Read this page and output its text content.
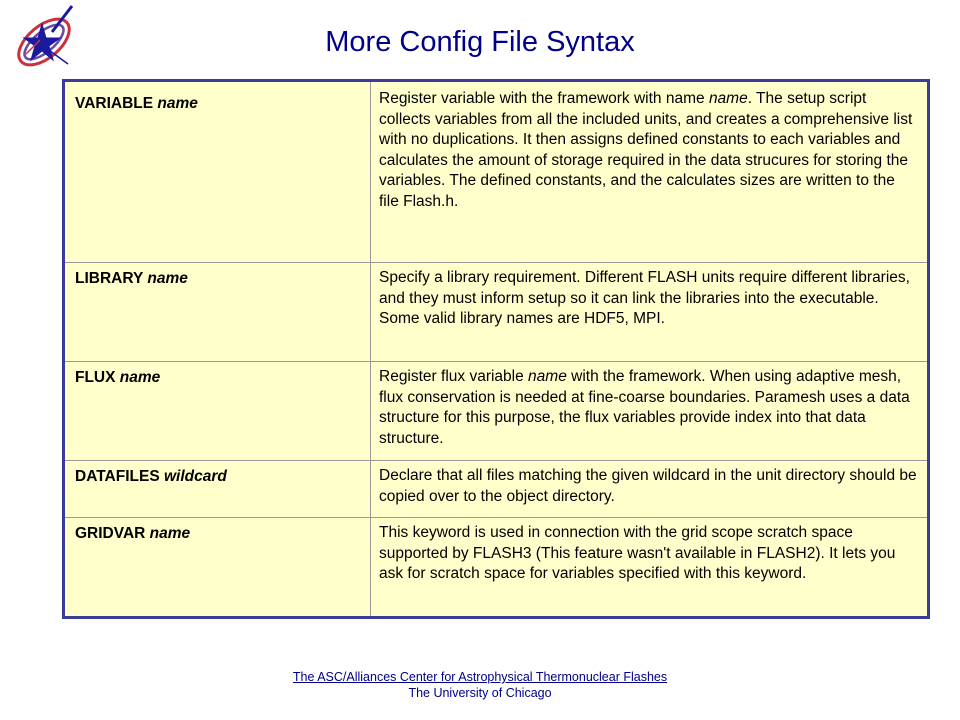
More Config File Syntax
VARIABLE name	Register variable with the framework with name name. The setup script collects variables from all the included units, and creates a comprehensive list with no duplications. It then assigns defined constants to each variables and calculates the amount of storage required in the data strucures for storing the variables. The defined constants, and the calculates sizes are written to the file Flash.h.
LIBRARY name	Specify a library requirement. Different FLASH units require different libraries, and they must inform setup so it can link the libraries into the executable. Some valid library names are HDF5, MPI.
FLUX name	Register flux variable name with the framework. When using adaptive mesh, flux conservation is needed at fine-coarse boundaries. Paramesh uses a data structure for this purpose, the flux variables provide index into that data structure.
DATAFILES wildcard	Declare that all files matching the given wildcard in the unit directory should be copied over to the object directory.
GRIDVAR name	This keyword is used in connection with the grid scope scratch space supported by FLASH3 (This feature wasn't available in FLASH2). It lets you ask for scratch space for variables specified with this keyword.
The ASC/Alliances Center for Astrophysical Thermonuclear Flashes
The University of Chicago
